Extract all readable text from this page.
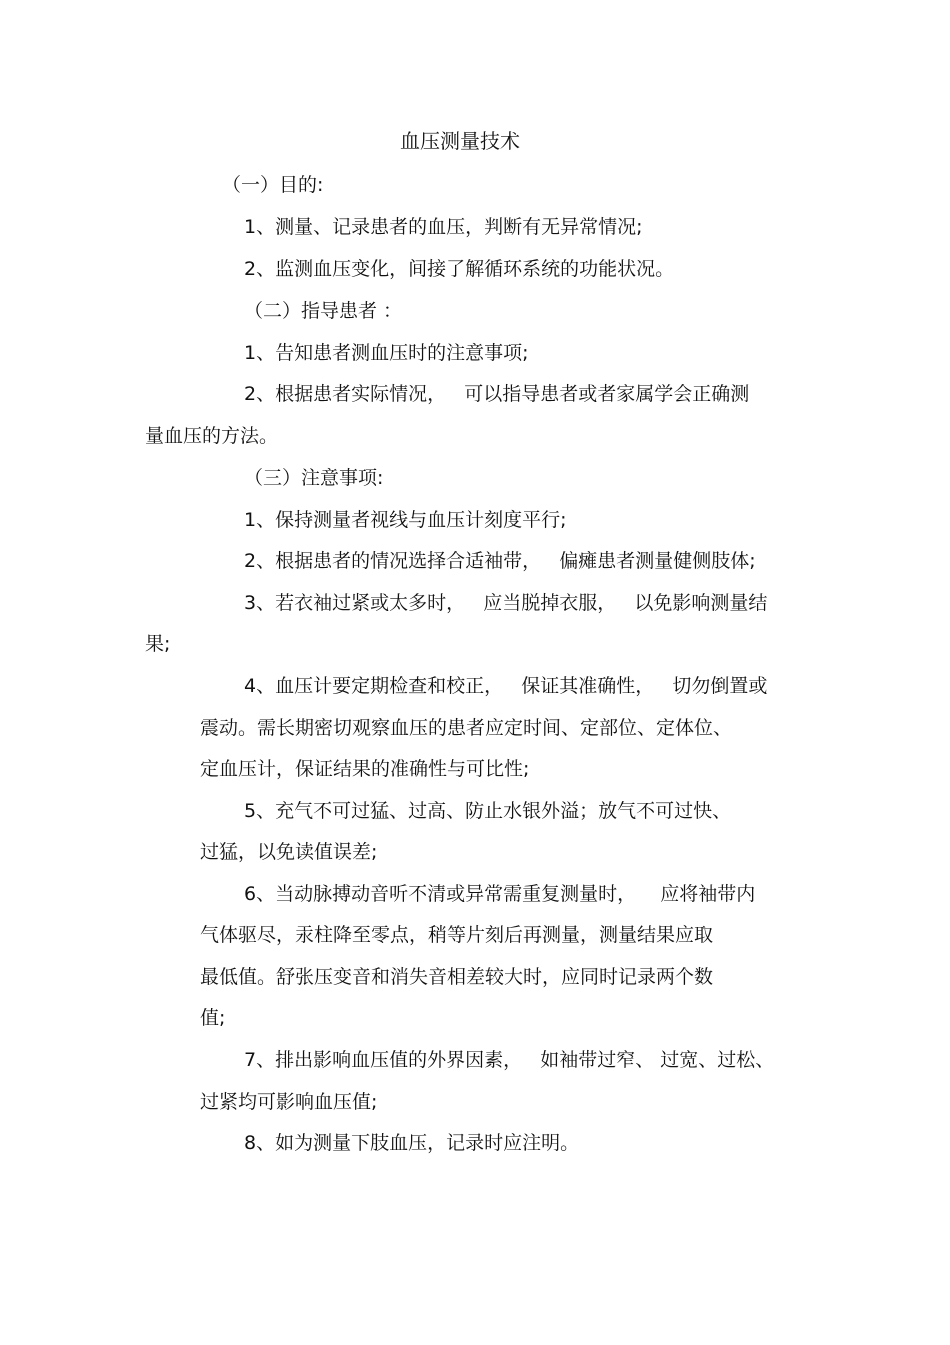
血压测量技术
（一）目的:
1、测量、记录患者的血压，判断有无异常情况;
2、监测血压变化，间接了解循环系统的功能状况。
（二）指导患者 ：
1、告知患者测血压时的注意事项;
2、根据患者实际情况，   可以指导患者或者家属学会正确测
量血压的方法。
（三）注意事项:
1、保持测量者视线与血压计刻度平行;
2、根据患者的情况选择合适袖带，   偏瘫患者测量健侧肢体;
3、若衣袖过紧或太多时，   应当脱掉衣服，   以免影响测量结
果;
4、血压计要定期检查和校正，   保证其准确性，   切勿倒置或
震动。需长期密切观察血压的患者应定时间、定部位、定体位、
定血压计，保证结果的准确性与可比性;
5、充气不可过猛、过高、防止水银外溢；放气不可过快、
过猛，以免读值误差;
6、当动脉搏动音听不清或异常需重复测量时，    应将袖带内
气体驱尽，汞柱降至零点，稍等片刻后再测量，测量结果应取
最低值。舒张压变音和消失音相差较大时，应同时记录两个数
值;
7、排出影响血压值的外界因素，   如袖带过窄、 过宽、过松、
过紧均可影响血压值;
8、如为测量下肢血压，记录时应注明。
